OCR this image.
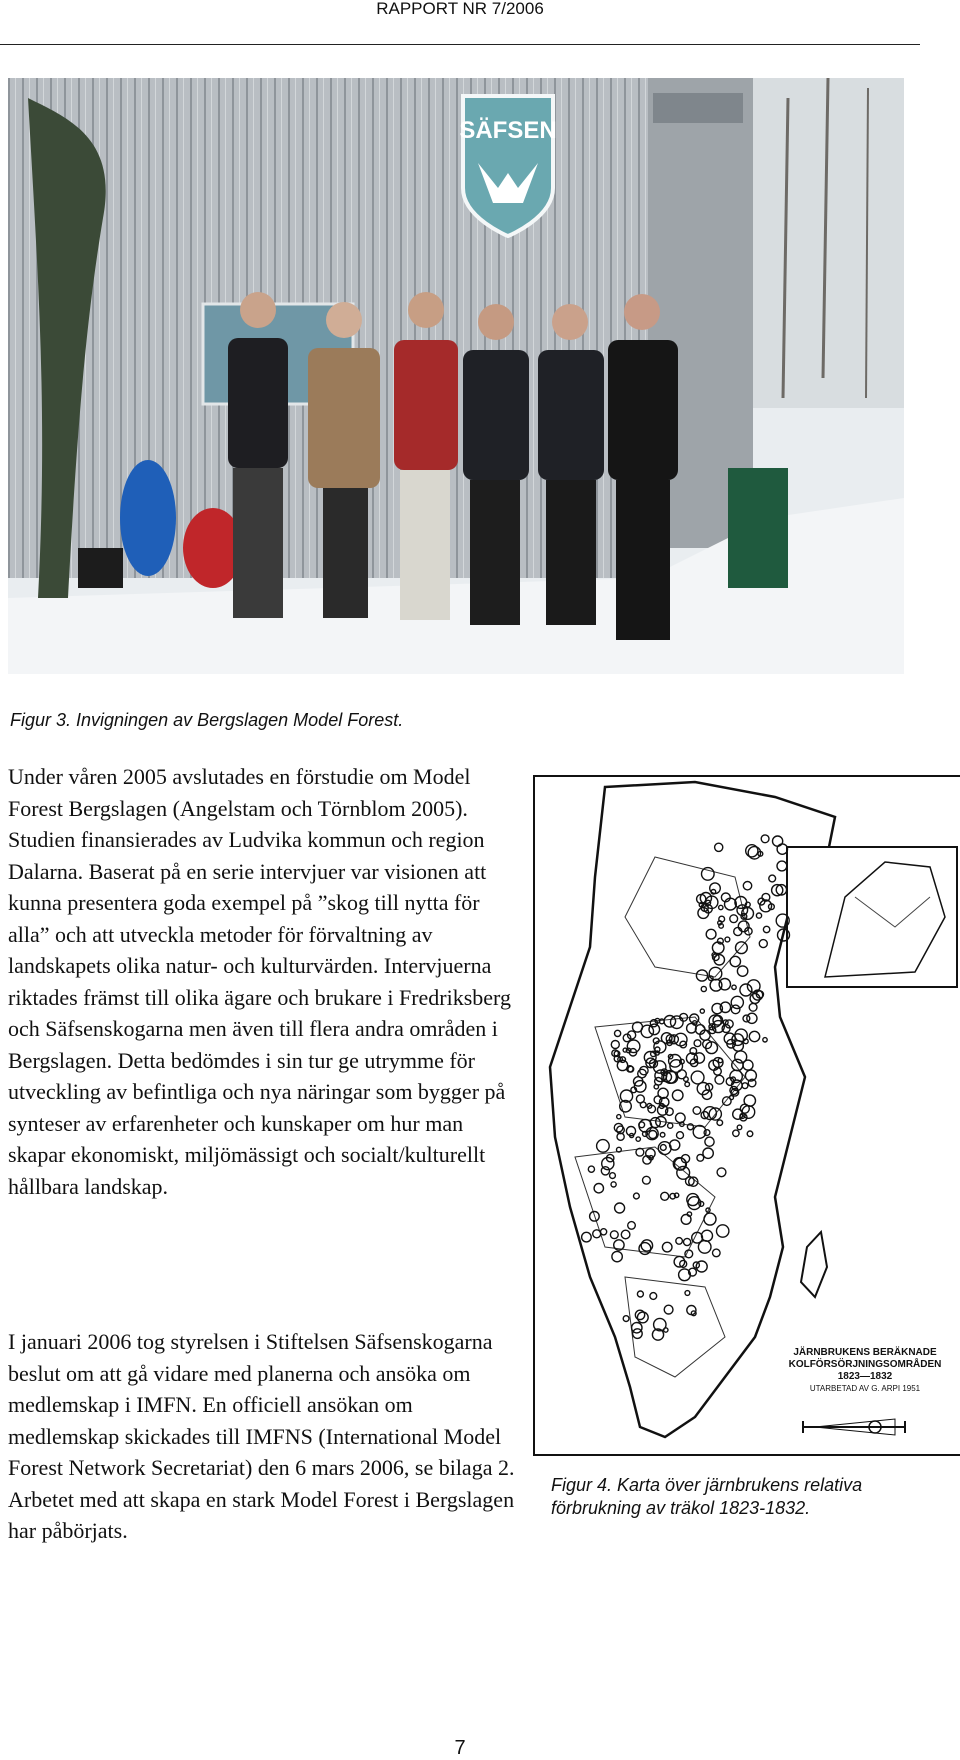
RAPPORT NR 7/2006
SÄFSEN
Figur 3. Invigningen av Bergslagen Model Forest.

Under våren 2005 avslutades en förstudie om Model Forest Bergslagen (Angelstam och Törnblom 2005). Studien finansierades av Ludvika kommun och region Dalarna. Baserat på en serie intervjuer var visionen att kunna presentera goda exempel på ”skog till nytta för alla” och att utveckla metoder för förvaltning av landskapets olika natur- och kulturvärden. Intervjuerna riktades främst till olika ägare och brukare i Fredriksberg och Säfsenskogarna men även till flera andra områden i Bergslagen. Detta bedömdes i sin tur ge utrymme för utveckling av befintliga och nya näringar som bygger på synteser av erfarenheter och kunskaper om hur man skapar ekonomiskt, miljömässigt och socialt/kulturellt hållbara landskap.

I januari 2006 tog styrelsen i Stiftelsen Säfsenskogarna beslut om att gå vidare med planerna och ansöka om medlemskap i IMFN. En officiell ansökan om medlemskap skickades till IMFNS (International Model Forest Network Secretariat) den 6 mars 2006, se bilaga 2. Arbetet med att skapa en stark Model Forest i Bergslagen har påbörjats.

JÄRNBRUKENS BERÄKNADE KOLFÖRSÖRJNINGSOMRÅDEN
1823—1832
UTARBETAD AV G. ARPI 1951
Figur 4. Karta över järnbrukens relativa förbrukning av träkol 1823-1832.
7
